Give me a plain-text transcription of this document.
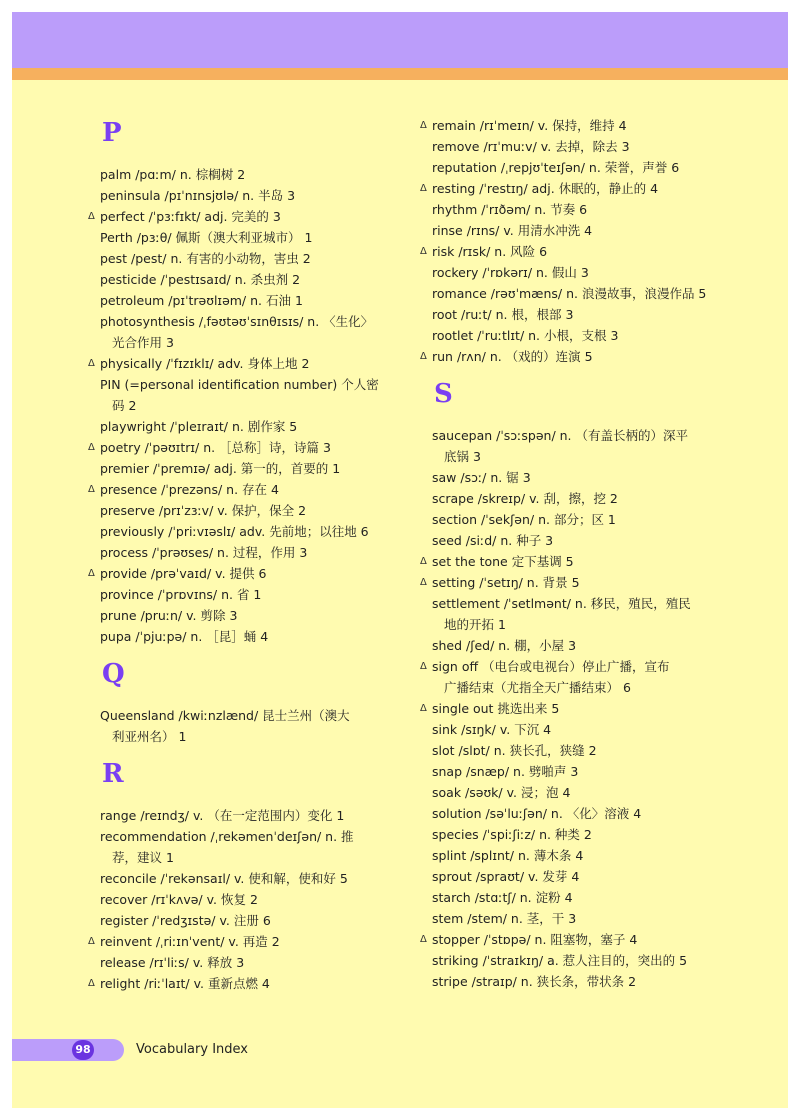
P
palm /pɑːm/ n. 棕榈树 2
peninsula /pɪˈnɪnsjʊlə/ n. 半岛 3
Δ perfect /ˈpɜːfɪkt/ adj. 完美的 3
Perth /pɜːθ/ 佩斯（澳大利亚城市） 1
pest /pest/ n. 有害的小动物，害虫 2
pesticide /ˈpestɪsaɪd/ n. 杀虫剂 2
petroleum /pɪˈtrəʊlɪəm/ n. 石油 1
photosynthesis /ˌfəʊtəʊˈsɪnθɪsɪs/ n. 〈生化〉
光合作用 3
Δ physically /ˈfɪzɪklɪ/ adv. 身体上地 2
PIN (=personal identification number) 个人密
码 2
playwright /ˈpleɪraɪt/ n. 剧作家 5
Δ poetry /ˈpəʊɪtrɪ/ n. ［总称］诗，诗篇 3
premier /ˈpremɪə/ adj. 第一的，首要的 1
Δ presence /ˈprezəns/ n. 存在 4
preserve /prɪˈzɜːv/ v. 保护，保全 2
previously /ˈpriːvɪəslɪ/ adv. 先前地；以往地 6
process /ˈprəʊses/ n. 过程，作用 3
Δ provide /prəˈvaɪd/ v. 提供 6
province /ˈprɒvɪns/ n. 省 1
prune /pruːn/ v. 剪除 3
pupa /ˈpjuːpə/ n. ［昆］蛹 4
Q
Queensland /kwiːnzlænd/ 昆士兰州（澳大
利亚州名） 1
R
range /reɪndʒ/ v. （在一定范围内）变化 1
recommendation /ˌrekəmenˈdeɪʃən/ n. 推
荐，建议 1
reconcile /ˈrekənsaɪl/ v. 使和解，使和好 5
recover /rɪˈkʌvə/ v. 恢复 2
register /ˈredʒɪstə/ v. 注册 6
Δ reinvent /ˌriːɪnˈvent/ v. 再造 2
release /rɪˈliːs/ v. 释放 3
Δ relight /riːˈlaɪt/ v. 重新点燃 4
Δ remain /rɪˈmeɪn/ v. 保持，维持 4
remove /rɪˈmuːv/ v. 去掉，除去 3
reputation /ˌrepjʊˈteɪʃən/ n. 荣誉，声誉 6
Δ resting /ˈrestɪŋ/ adj. 休眠的，静止的 4
rhythm /ˈrɪðəm/ n. 节奏 6
rinse /rɪns/ v. 用清水冲洗 4
Δ risk /rɪsk/ n. 风险 6
rockery /ˈrɒkərɪ/ n. 假山 3
romance /rəʊˈmæns/ n. 浪漫故事，浪漫作品 5
root /ruːt/ n. 根，根部 3
rootlet /ˈruːtlɪt/ n. 小根，支根 3
Δ run /rʌn/ n. （戏的）连演 5
S
saucepan /ˈsɔːspən/ n. （有盖长柄的）深平
底锅 3
saw /sɔː/ n. 锯 3
scrape /skreɪp/ v. 刮，擦，挖 2
section /ˈsekʃən/ n. 部分；区 1
seed /siːd/ n. 种子 3
Δ set the tone 定下基调 5
Δ setting /ˈsetɪŋ/ n. 背景 5
settlement /ˈsetlmənt/ n. 移民，殖民，殖民
地的开拓 1
shed /ʃed/ n. 棚，小屋 3
Δ sign off （电台或电视台）停止广播，宣布
广播结束（尤指全天广播结束） 6
Δ single out 挑选出来 5
sink /sɪŋk/ v. 下沉 4
slot /slɒt/ n. 狭长孔，狭缝 2
snap /snæp/ n. 劈啪声 3
soak /səʊk/ v. 浸；泡 4
solution /səˈluːʃən/ n. 〈化〉溶液 4
species /ˈspiːʃiːz/ n. 种类 2
splint /splɪnt/ n. 薄木条 4
sprout /spraʊt/ v. 发芽 4
starch /stɑːtʃ/ n. 淀粉 4
stem /stem/ n. 茎，干 3
Δ stopper /ˈstɒpə/ n. 阻塞物，塞子 4
striking /ˈstraɪkɪŋ/ a. 惹人注目的，突出的 5
stripe /straɪp/ n. 狭长条，带状条 2
98	Vocabulary Index
